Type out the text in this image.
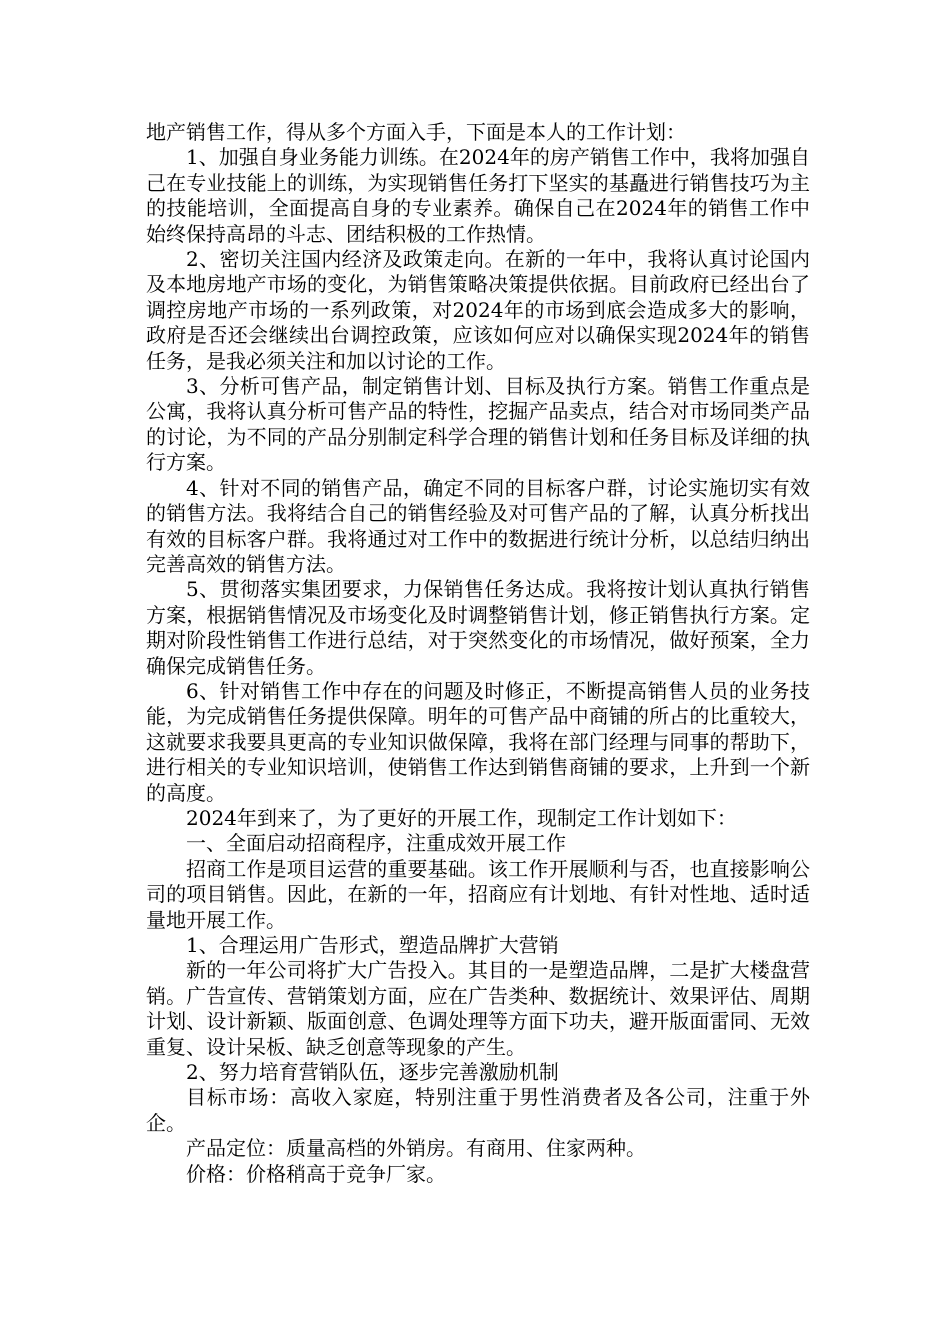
地产销售工作，得从多个方面入手，下面是本人的工作计划：

1、加强自身业务能力训练。在2024年的房产销售工作中，我将加强自己在专业技能上的训练，为实现销售任务打下坚实的基矗进行销售技巧为主的技能培训，全面提高自身的专业素养。确保自己在2024年的销售工作中始终保持高昂的斗志、团结积极的工作热情。

2、密切关注国内经济及政策走向。在新的一年中，我将认真讨论国内及本地房地产市场的变化，为销售策略决策提供依据。目前政府已经出台了调控房地产市场的一系列政策，对2024年的市场到底会造成多大的影响，政府是否还会继续出台调控政策，应该如何应对以确保实现2024年的销售任务，是我必须关注和加以讨论的工作。

3、分析可售产品，制定销售计划、目标及执行方案。销售工作重点是公寓，我将认真分析可售产品的特性，挖掘产品卖点，结合对市场同类产品的讨论，为不同的产品分别制定科学合理的销售计划和任务目标及详细的执行方案。

4、针对不同的销售产品，确定不同的目标客户群，讨论实施切实有效的销售方法。我将结合自己的销售经验及对可售产品的了解，认真分析找出有效的目标客户群。我将通过对工作中的数据进行统计分析，以总结归纳出完善高效的销售方法。

5、贯彻落实集团要求，力保销售任务达成。我将按计划认真执行销售方案，根据销售情况及市场变化及时调整销售计划，修正销售执行方案。定期对阶段性销售工作进行总结，对于突然变化的市场情况，做好预案，全力确保完成销售任务。

6、针对销售工作中存在的问题及时修正，不断提高销售人员的业务技能，为完成销售任务提供保障。明年的可售产品中商铺的所占的比重较大，这就要求我要具更高的专业知识做保障，我将在部门经理与同事的帮助下，进行相关的专业知识培训，使销售工作达到销售商铺的要求，上升到一个新的高度。

2024年到来了，为了更好的开展工作，现制定工作计划如下：

一、全面启动招商程序，注重成效开展工作

招商工作是项目运营的重要基础。该工作开展顺利与否，也直接影响公司的项目销售。因此，在新的一年，招商应有计划地、有针对性地、适时适量地开展工作。

1、合理运用广告形式，塑造品牌扩大营销

新的一年公司将扩大广告投入。其目的一是塑造品牌，二是扩大楼盘营销。广告宣传、营销策划方面，应在广告类种、数据统计、效果评估、周期计划、设计新颖、版面创意、色调处理等方面下功夫，避开版面雷同、无效重复、设计呆板、缺乏创意等现象的产生。

2、努力培育营销队伍，逐步完善激励机制

目标市场：高收入家庭，特别注重于男性消费者及各公司，注重于外企。

产品定位：质量高档的外销房。有商用、住家两种。

价格：价格稍高于竞争厂家。
